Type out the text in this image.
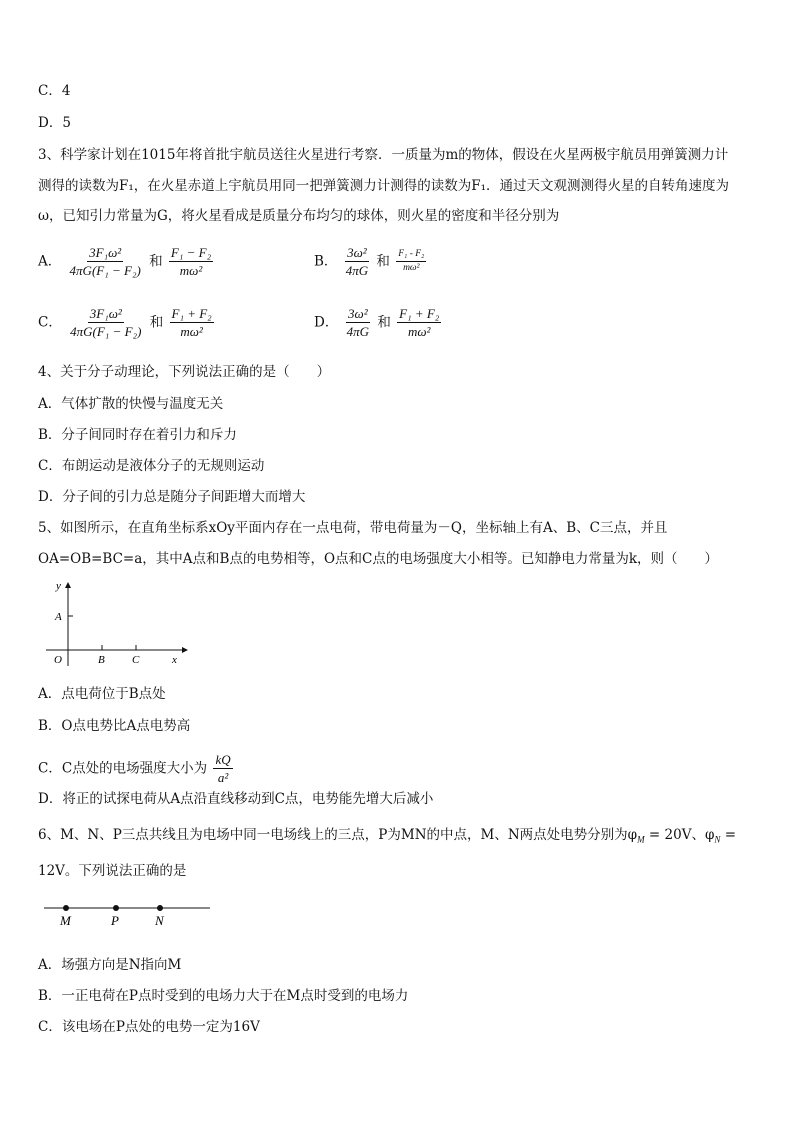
C．4
D．5
3、科学家计划在1015年将首批宇航员送往火星进行考察．一质量为m的物体，假设在火星两极宇航员用弹簧测力计
测得的读数为F₁，在火星赤道上宇航员用同一把弹簧测力计测得的读数为F₁．通过天文观测测得火星的自转角速度为
ω，已知引力常量为G，将火星看成是质量分布均匀的球体，则火星的密度和半径分别为
A． $\frac{\text{3F₁ω²}}{\text{4πG(F₁ − F₂)}}$ 和 $\frac{\text{F₁ − F₂}}{\text{mω²}}$	B． $\frac{\text{3ω²}}{4\pi G}$ 和 $\frac{\text{F₁ - F₂}}{\text{mω²}}$
C． $\frac{\text{3F₁ω²}}{\text{4πG(F₁ − F₂)}}$ 和 $\frac{\text{F₁ + F₂}}{\text{mω²}}$	D． $\frac{\text{3ω²}}{4\pi G}$ 和 $\frac{\text{F₁ + F₂}}{\text{mω²}}$
4、关于分子动理论，下列说法正确的是（　　）
A．气体扩散的快慢与温度无关
B．分子间同时存在着引力和斥力
C．布朗运动是液体分子的无规则运动
D．分子间的引力总是随分子间距增大而增大
5、如图所示，在直角坐标系xOy平面内存在一点电荷，带电荷量为－Q，坐标轴上有A、B、C三点，并且
OA=OB=BC=a，其中A点和B点的电势相等，O点和C点的电场强度大小相等。已知静电力常量为k，则（　　）
y
A
O	B C	x
A．点电荷位于B点处
B．O点电势比A点电势高
C．C点处的电场强度大小为 $\frac{kQ}{\text{a²}}$
D．将正的试探电荷从A点沿直线移动到C点，电势能先增大后减小
6、M、N、P三点共线且为电场中同一电场线上的三点，P为MN的中点，M、N两点处电势分别为$\varphi_M = 20V$、$\varphi_N$ =
12V。下列说法正确的是
M	P	N
A．场强方向是N指向M
B．一正电荷在P点时受到的电场力大于在M点时受到的电场力
C．该电场在P点处的电势一定为16V
